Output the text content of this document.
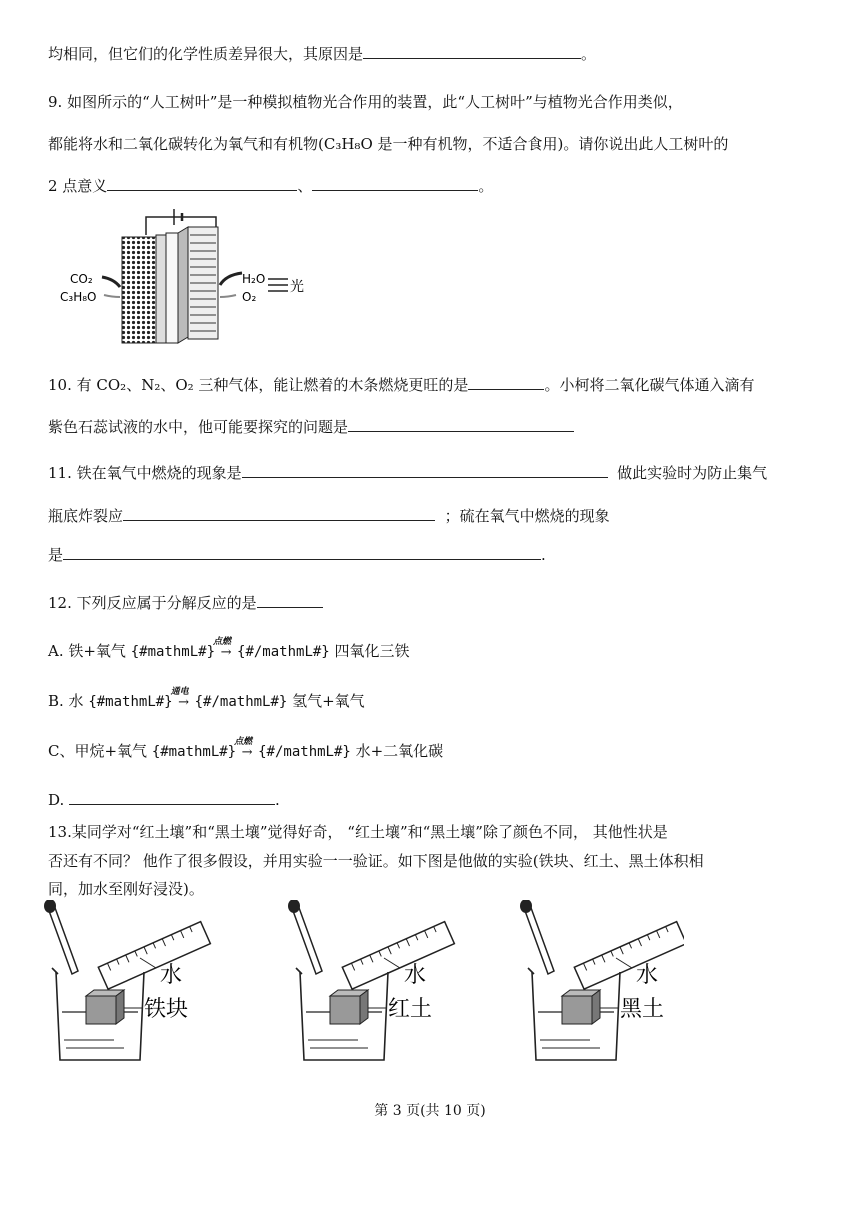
均相同，但它们的化学性质差异很大，其原因是	。
9. 如图所示的“人工树叶”是一种模拟植物光合作用的装置，此“人工树叶”与植物光合作用类似，
都能将水和二氧化碳转化为氧气和有机物(C₃H₈O 是一种有机物，不适合食用)。请你说出此人工树叶的
2 点意义	、	。
CO₂
C₃H₈O
H₂O
O₂
光
10. 有 CO₂、N₂、O₂ 三种气体，能让燃着的木条燃烧更旺的是	。小柯将二氧化碳气体通入滴有
紫色石蕊试液的水中，他可能要探究的问题是
11. 铁在氧气中燃烧的现象是	做此实验时为防止集气
瓶底炸裂应	；硫在氧气中燃烧的现象
是	.
12. 下列反应属于分解反应的是
A. 铁+氧气 {#mathmL#}
点燃
→ {#/mathmL#} 四氧化三铁
B. 水 {#mathmL#}
通电
→ {#/mathmL#} 氢气+氧气
C、甲烷+氧气 {#mathmL#}
点燃
→ {#/mathmL#} 水+二氧化碳
D.	.
13.某同学对“红土壤”和“黑土壤”觉得好奇， “红土壤”和“黑土壤”除了颜色不同， 其他性状是
否还有不同？ 他作了很多假设，并用实验一一验证。如下图是他做的实验(铁块、红土、黑土体积相
同，加水至刚好浸没)。
水
铁块
水
红土
水
黑土
第 3 页(共 10 页)
